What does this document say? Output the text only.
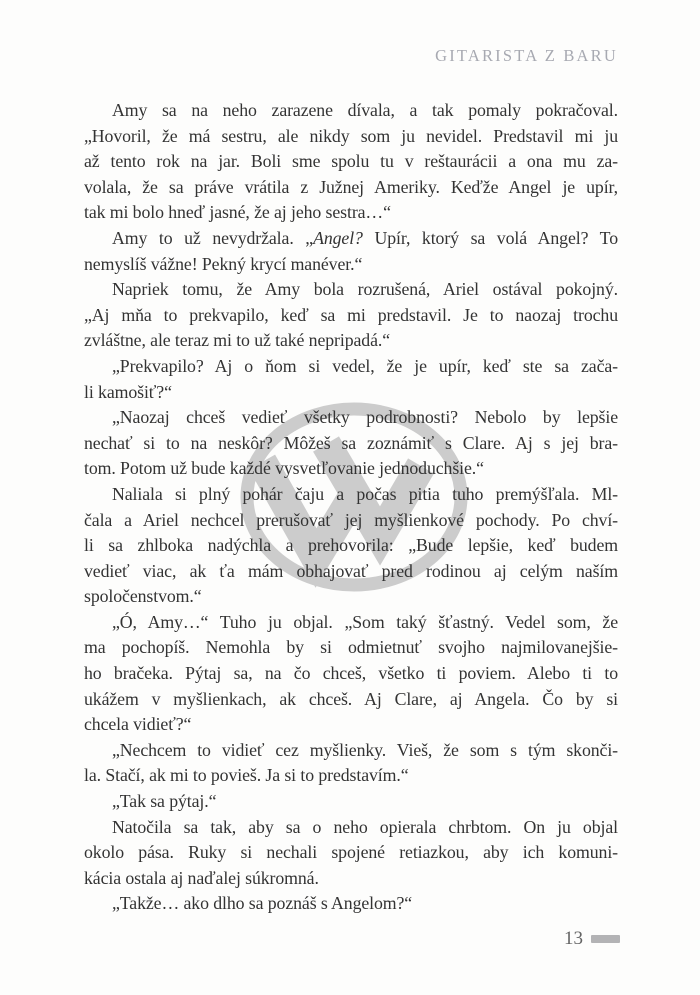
GITARISTA Z BARU
Amy sa na neho zarazene dívala, a tak pomaly pokračoval.
„Hovoril, že má sestru, ale nikdy som ju nevidel. Predstavil mi ju
až tento rok na jar. Boli sme spolu tu v reštaurácii a ona mu za-
volala, že sa práve vrátila z Južnej Ameriky. Keďže Angel je upír,
tak mi bolo hneď jasné, že aj jeho sestra…“
Amy to už nevydržala. „Angel? Upír, ktorý sa volá Angel? To
nemyslíš vážne! Pekný krycí manéver.“
Napriek tomu, že Amy bola rozrušená, Ariel ostával pokojný.
„Aj mňa to prekvapilo, keď sa mi predstavil. Je to naozaj trochu
zvláštne, ale teraz mi to už také nepripadá.“
„Prekvapilo? Aj o ňom si vedel, že je upír, keď ste sa zača-
li kamošiť?“
„Naozaj chceš vedieť všetky podrobnosti? Nebolo by lepšie
nechať si to na neskôr? Môžeš sa zoznámiť s Clare. Aj s jej bra-
tom. Potom už bude každé vysvetľovanie jednoduchšie.“
Naliala si plný pohár čaju a počas pitia tuho premýšľala. Ml-
čala a Ariel nechcel prerušovať jej myšlienkové pochody. Po chví-
li sa zhlboka nadýchla a prehovorila: „Bude lepšie, keď budem
vedieť viac, ak ťa mám obhajovať pred rodinou aj celým naším
spoločenstvom.“
„Ó, Amy…“ Tuho ju objal. „Som taký šťastný. Vedel som, že
ma pochopíš. Nemohla by si odmietnuť svojho najmilovanejšie-
ho bračeka. Pýtaj sa, na čo chceš, všetko ti poviem. Alebo ti to
ukážem v myšlienkach, ak chceš. Aj Clare, aj Angela. Čo by si
chcela vidieť?“
„Nechcem to vidieť cez myšlienky. Vieš, že som s tým skonči-
la. Stačí, ak mi to povieš. Ja si to predstavím.“
„Tak sa pýtaj.“
Natočila sa tak, aby sa o neho opierala chrbtom. On ju objal
okolo pása. Ruky si nechali spojené retiazkou, aby ich komuni-
kácia ostala aj naďalej súkromná.
„Takže… ako dlho sa poznáš s Angelom?“
13
